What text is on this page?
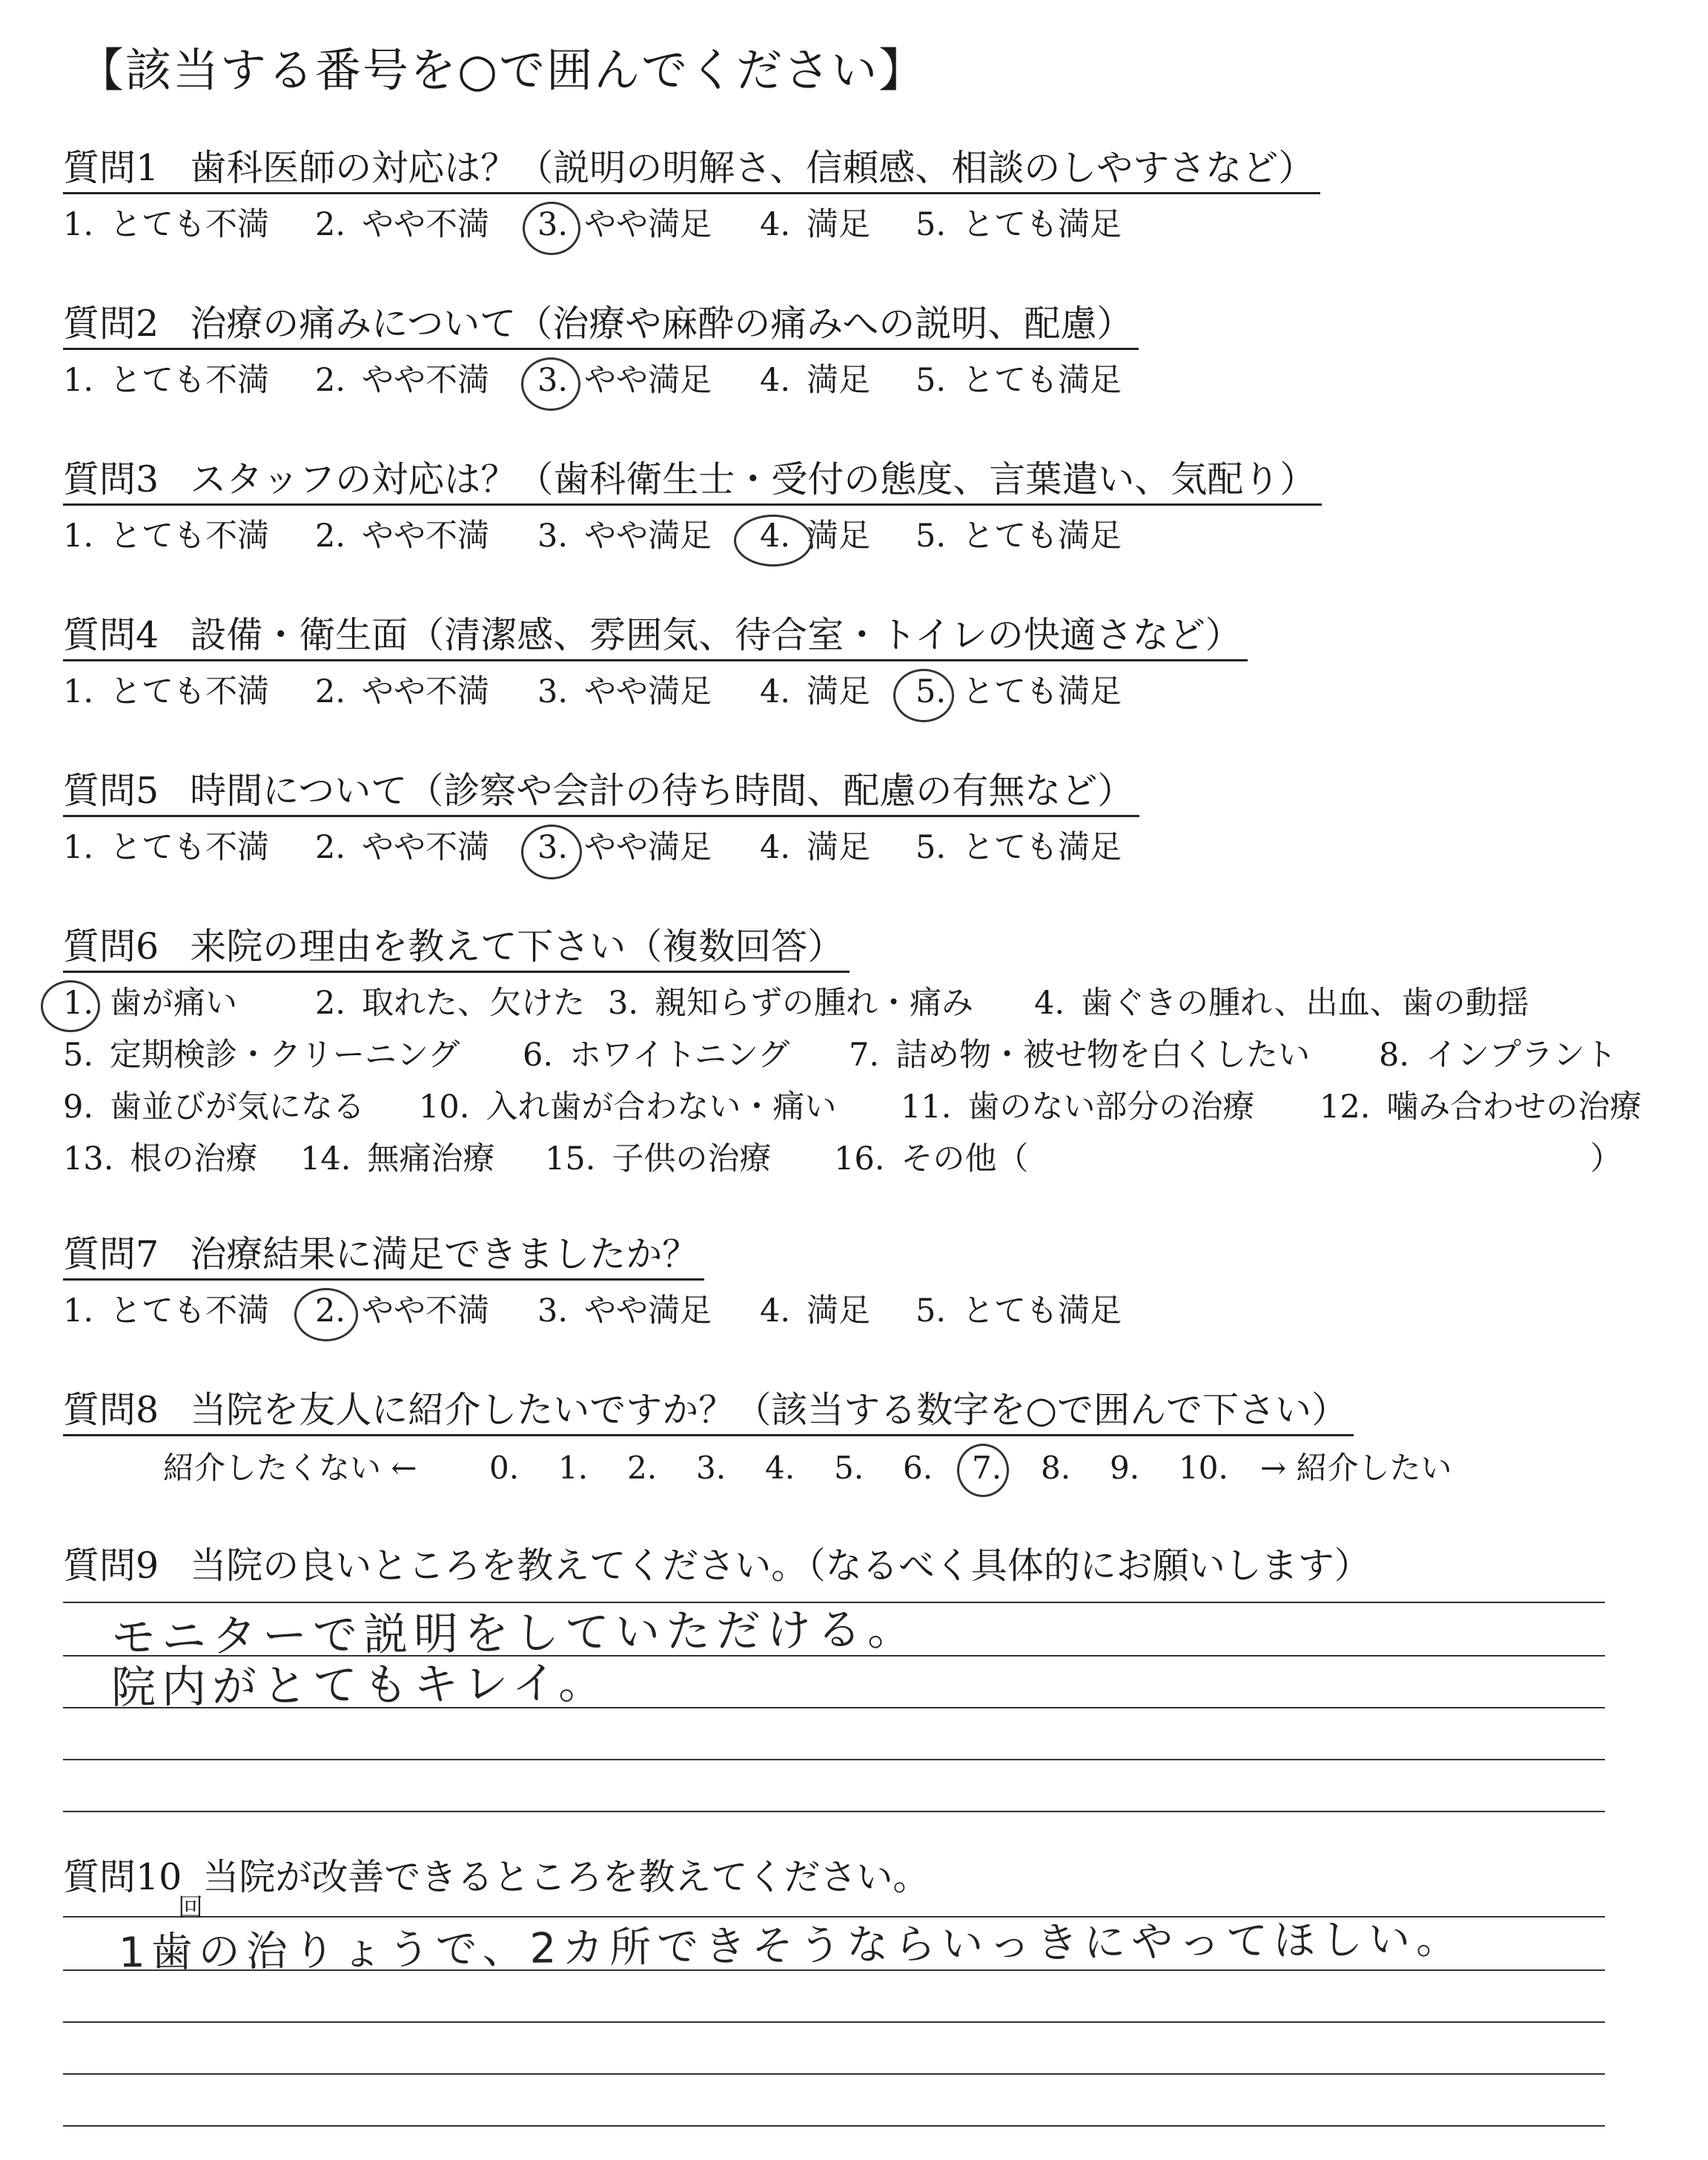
【該当する番号を○で囲んでください】
質問1 歯科医師の対応は？（説明の明解さ、信頼感、相談のしやすさなど）
1. とても不満 2. やや不満 3. やや満足 4. 満足 5. とても満足
質問2 治療の痛みについて（治療や麻酔の痛みへの説明、配慮）
1. とても不満 2. やや不満 3. やや満足 4. 満足 5. とても満足
質問3 スタッフの対応は？（歯科衛生士・受付の態度、言葉遣い、気配り）
1. とても不満 2. やや不満 3. やや満足 4. 満足 5. とても満足
質問4 設備・衛生面（清潔感、雰囲気、待合室・トイレの快適さなど）
1. とても不満 2. やや不満 3. やや満足 4. 満足 5. とても満足
質問5 時間について（診察や会計の待ち時間、配慮の有無など）
1. とても不満 2. やや不満 3. やや満足 4. 満足 5. とても満足
質問6 来院の理由を教えて下さい（複数回答）
1. 歯が痛い 2. 取れた、欠けた 3. 親知らずの腫れ・痛み 4. 歯ぐきの腫れ、出血、歯の動揺
5. 定期検診・クリーニング 6. ホワイトニング 7. 詰め物・被せ物を白くしたい 8. インプラント
9. 歯並びが気になる 10. 入れ歯が合わない・痛い 11. 歯のない部分の治療 12. 噛み合わせの治療
13. 根の治療 14. 無痛治療 15. 子供の治療 16. その他（	）
質問7 治療結果に満足できましたか？
1. とても不満 2. やや不満 3. やや満足 4. 満足 5. とても満足
質問8 当院を友人に紹介したいですか？（該当する数字を○で囲んで下さい）
紹介したくない ← 0. 1. 2. 3. 4. 5. 6. 7. 8. 9. 10. → 紹介したい
質問9 当院の良いところを教えてください。（なるべく具体的にお願いします）
モニターで説明をしていただける。
院内がとてもキレイ。
質問10 当院が改善できるところを教えてください。
回
1歯の治りょうで、2カ所できそうならいっきにやってほしい。
